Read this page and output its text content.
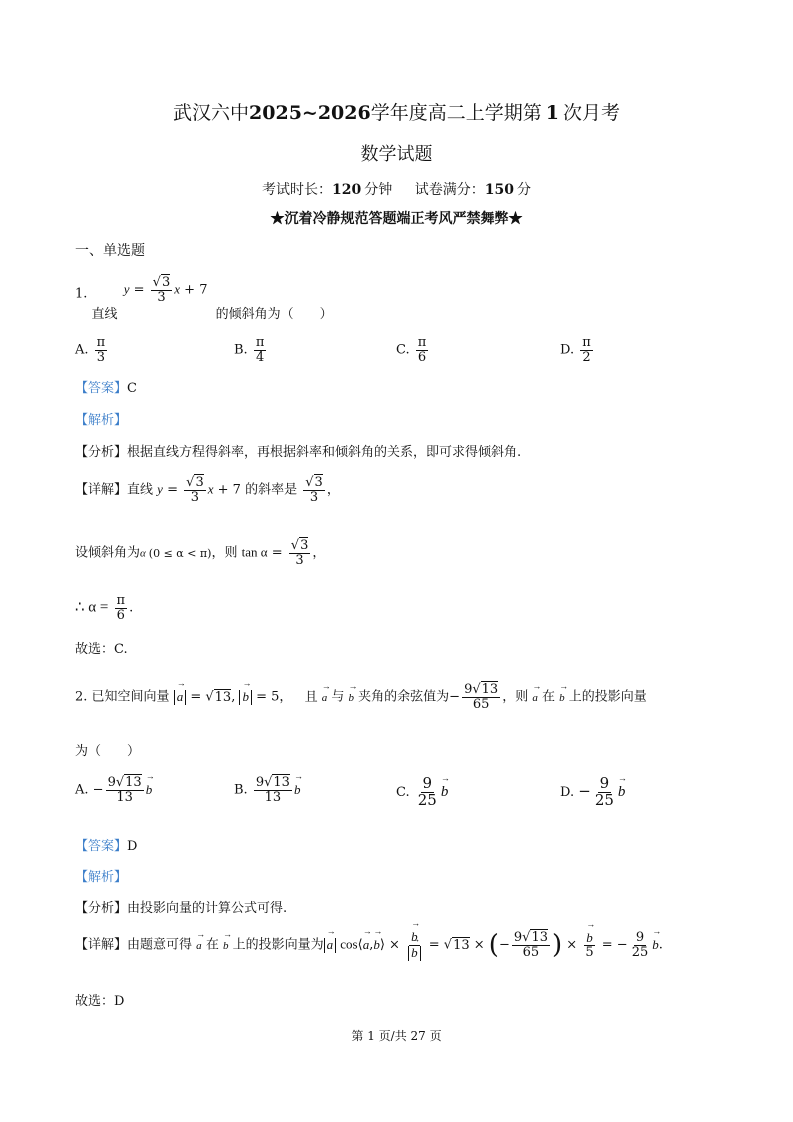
武汉六中2025~2026学年度高二上学期第 1 次月考
数学试题
考试时长：120 分钟 试卷满分：150 分
★沉着冷静规范答题端正考风严禁舞弊★
一、单选题
1. 直线 $y = \frac{√3}{3}$ x + 7 的倾斜角为（　　）
A. $\frac{\pi}{3}$	B. $\frac{\pi}{4}$	C. $\frac{\pi}{6}$	D. $\frac{\pi}{2}$
【答案】C
【解析】
【分析】根据直线方程得斜率，再根据斜率和倾斜角的关系，即可求得倾斜角.
【详解】直线 $y = \frac{√3}{3}$ x + 7 的斜率是 $\frac{√3}{3}$ ，
设倾斜角为α (0 ≤ α < π)，则 $\tan \alpha = \frac{√3}{3}$ ，
∴ $\alpha = \frac{\pi}{6}$ .
故选：C.
2. 已知空间向量 → a = √13, → b = 5， 且 → a 与 → b 夹角的余弦值为− $\frac{9√13}{65}$ ，则 → a 在 → b 上的投影向量
为（　　）
A. − $\frac{9√13}{13}$
→ b	B. $\frac{9√13}{13}$
→ b	C. $\frac{9}{25}$
→ b	D. − $\frac{9}{25}$
→ b
【答案】D
【解析】
【分析】由投影向量的计算公式可得.
【详解】由题意可得 → a 在 → b 上的投影向量为→ a cos⟨→ a,→ b⟩ ×
→ b
→ b = √13 × (− $\frac{9√13}{65}$ ) ×
→ $\frac{b}{5}$ = − $\frac{9}{25}$
→ b.
故选：D
第 1 页/共 27 页
